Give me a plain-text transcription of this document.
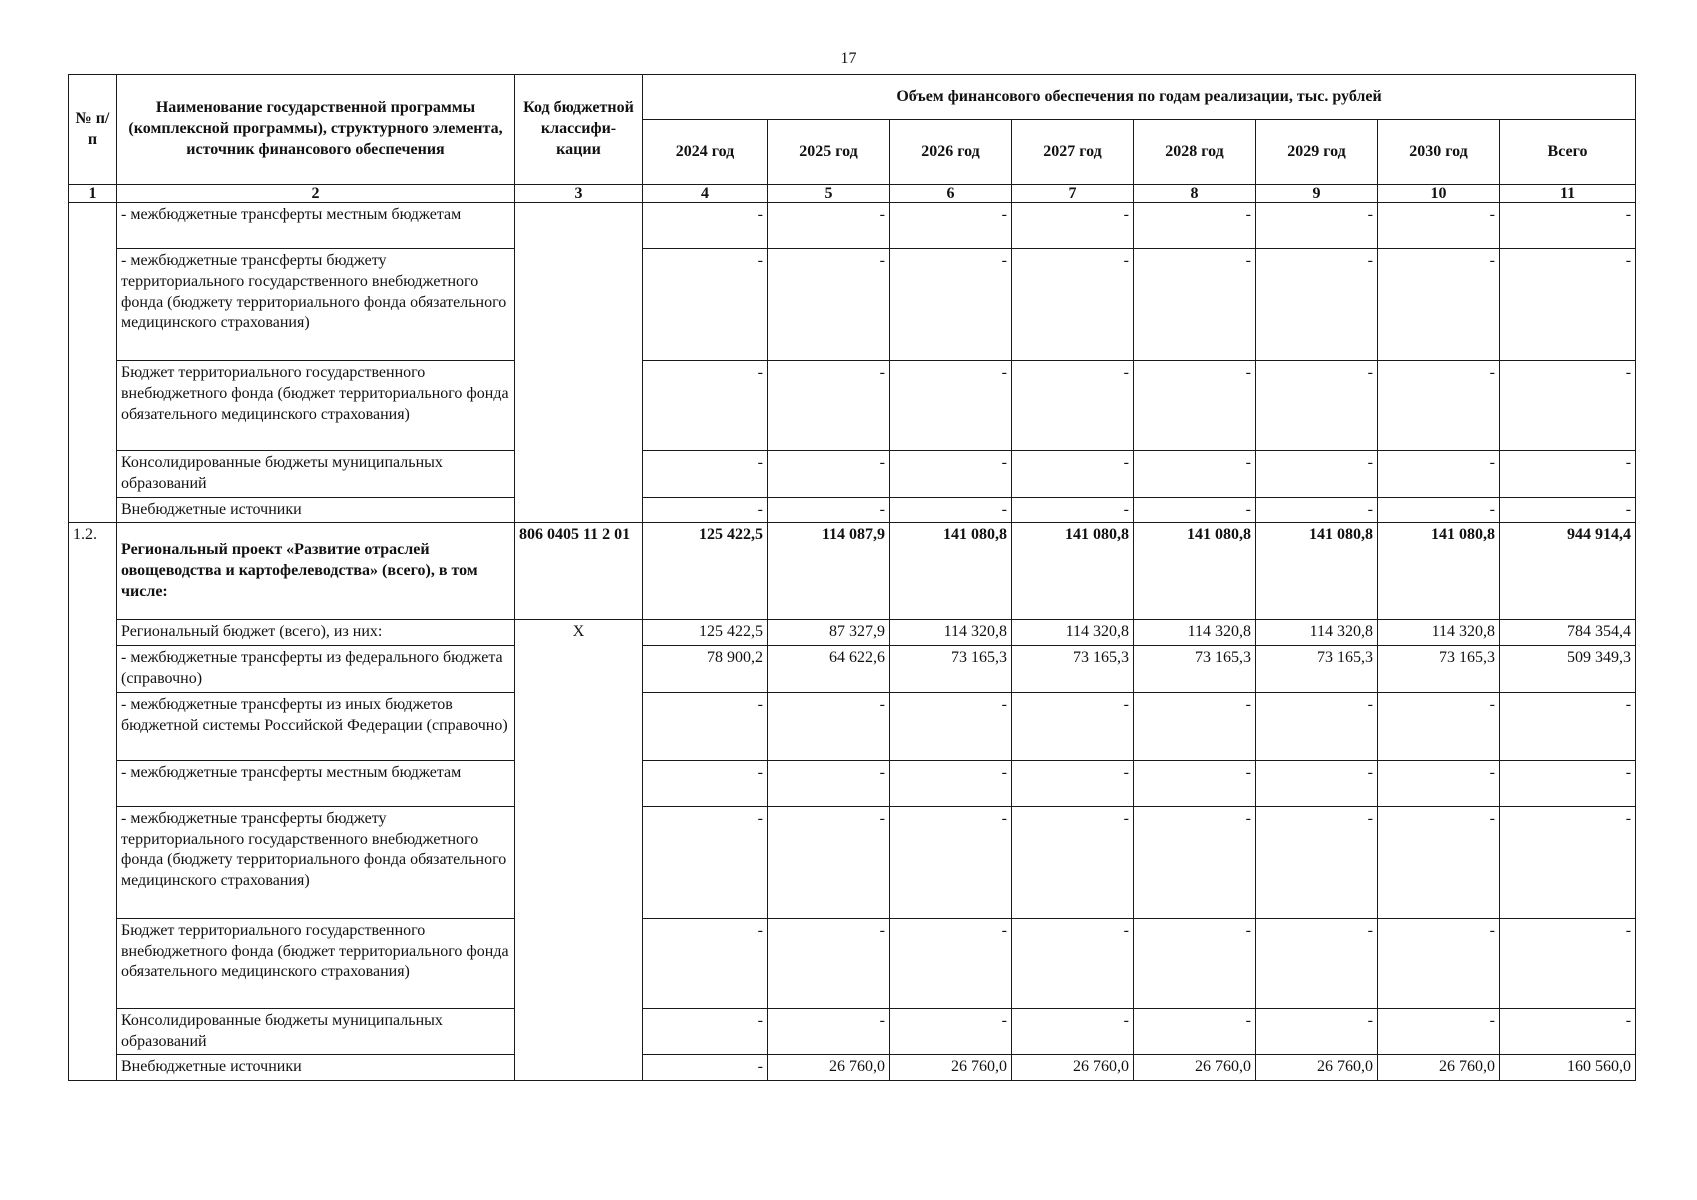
17
№ п/п	Наименование государственной программы (комплексной программы), структурного элемента, источник финансового обеспечения	Код бюджетной классифи-кации	Объем финансового обеспечения по годам реализации, тыс. рублей							
			2024 год	2025 год	2026 год	2027 год	2028 год	2029 год	2030 год	Всего
1	2	3	4	5	6	7	8	9	10	11
	- межбюджетные трансферты местным бюджетам		-	-	-	-	-	-	-	-
	- межбюджетные трансферты бюджету территориального государственного внебюджетного фонда (бюджету территориального фонда обязательного медицинского страхования)		-	-	-	-	-	-	-	-
	Бюджет территориального государственного внебюджетного фонда (бюджет территориального фонда обязательного медицинского страхования)		-	-	-	-	-	-	-	-
	Консолидированные бюджеты муниципальных образований		-	-	-	-	-	-	-	-
	Внебюджетные источники		-	-	-	-	-	-	-	-
1.2.	Региональный проект «Развитие отраслей овощеводства и картофелеводства» (всего), в том числе:	806 0405 11 2 01	125 422,5	114 087,9	141 080,8	141 080,8	141 080,8	141 080,8	141 080,8	944 914,4
	Региональный бюджет (всего), из них:	Х	125 422,5	87 327,9	114 320,8	114 320,8	114 320,8	114 320,8	114 320,8	784 354,4
	- межбюджетные трансферты из федерального бюджета (справочно)		78 900,2	64 622,6	73 165,3	73 165,3	73 165,3	73 165,3	73 165,3	509 349,3
	- межбюджетные трансферты из иных бюджетов бюджетной системы Российской Федерации (справочно)		-	-	-	-	-	-	-	-
	- межбюджетные трансферты местным бюджетам		-	-	-	-	-	-	-	-
	- межбюджетные трансферты бюджету территориального государственного внебюджетного фонда (бюджету территориального фонда обязательного медицинского страхования)		-	-	-	-	-	-	-	-
	Бюджет территориального государственного внебюджетного фонда (бюджет территориального фонда обязательного медицинского страхования)		-	-	-	-	-	-	-	-
	Консолидированные бюджеты муниципальных образований		-	-	-	-	-	-	-	-
	Внебюджетные источники		-	26 760,0	26 760,0	26 760,0	26 760,0	26 760,0	26 760,0	160 560,0
